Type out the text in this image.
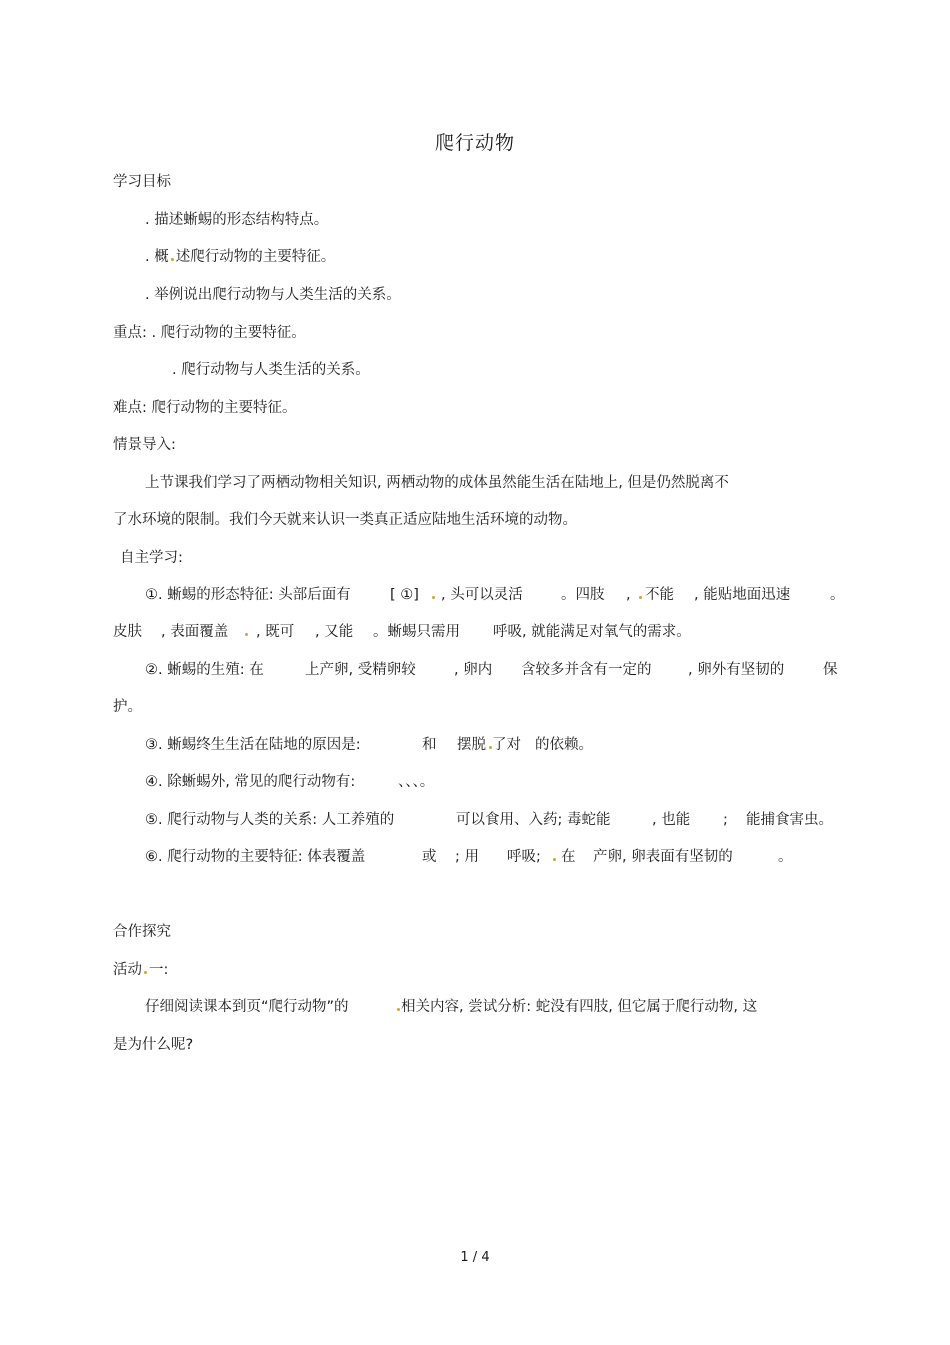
爬行动物
学习目标
. 描述蜥蜴的形态结构特点。
. 概 述爬行动物的主要特征。
. 举例说出爬行动物与人类生活的关系。
重点: . 爬行动物的主要特征。
. 爬行动物与人类生活的关系。
难点: 爬行动物的主要特征。
情景导入:
上节课我们学习了两栖动物相关知识, 两栖动物的成体虽然能生活在陆地上, 但是仍然脱离不
了水环境的限制。我们今天就来认识一类真正适应陆地生活环境的动物。
自主学习:
①. 蜥蜴的形态特征: 头部后面有	[ ①] , 头可以灵活	。四肢 , 不能 , 能贴地面迅速	。
皮肤 , 表面覆盖 , 既可 , 又能 。蜥蜴只需用 呼吸, 就能满足对氧气的需求。
②. 蜥蜴的生殖: 在	上产卵, 受精卵较	, 卵内 含较多并含有一定的	, 卵外有坚韧的	保
护。
③. 蜥蜴终生生活在陆地的原因是:	和 摆脱 了对 的依赖。
④. 除蜥蜴外, 常见的爬行动物有:	、、、。
⑤. 爬行动物与人类的关系: 人工养殖的	可以食用、入药; 毒蛇能	, 也能 ; 能捕食害虫。
⑥. 爬行动物的主要特征: 体表覆盖	或 ; 用 呼吸; 在 产卵, 卵表面有坚韧的	。
合作探究
活动 一:
仔细阅读课本到页“爬行动物”的	相关内容, 尝试分析: 蛇没有四肢, 但它属于爬行动物, 这
是为什么呢?
1 / 4
